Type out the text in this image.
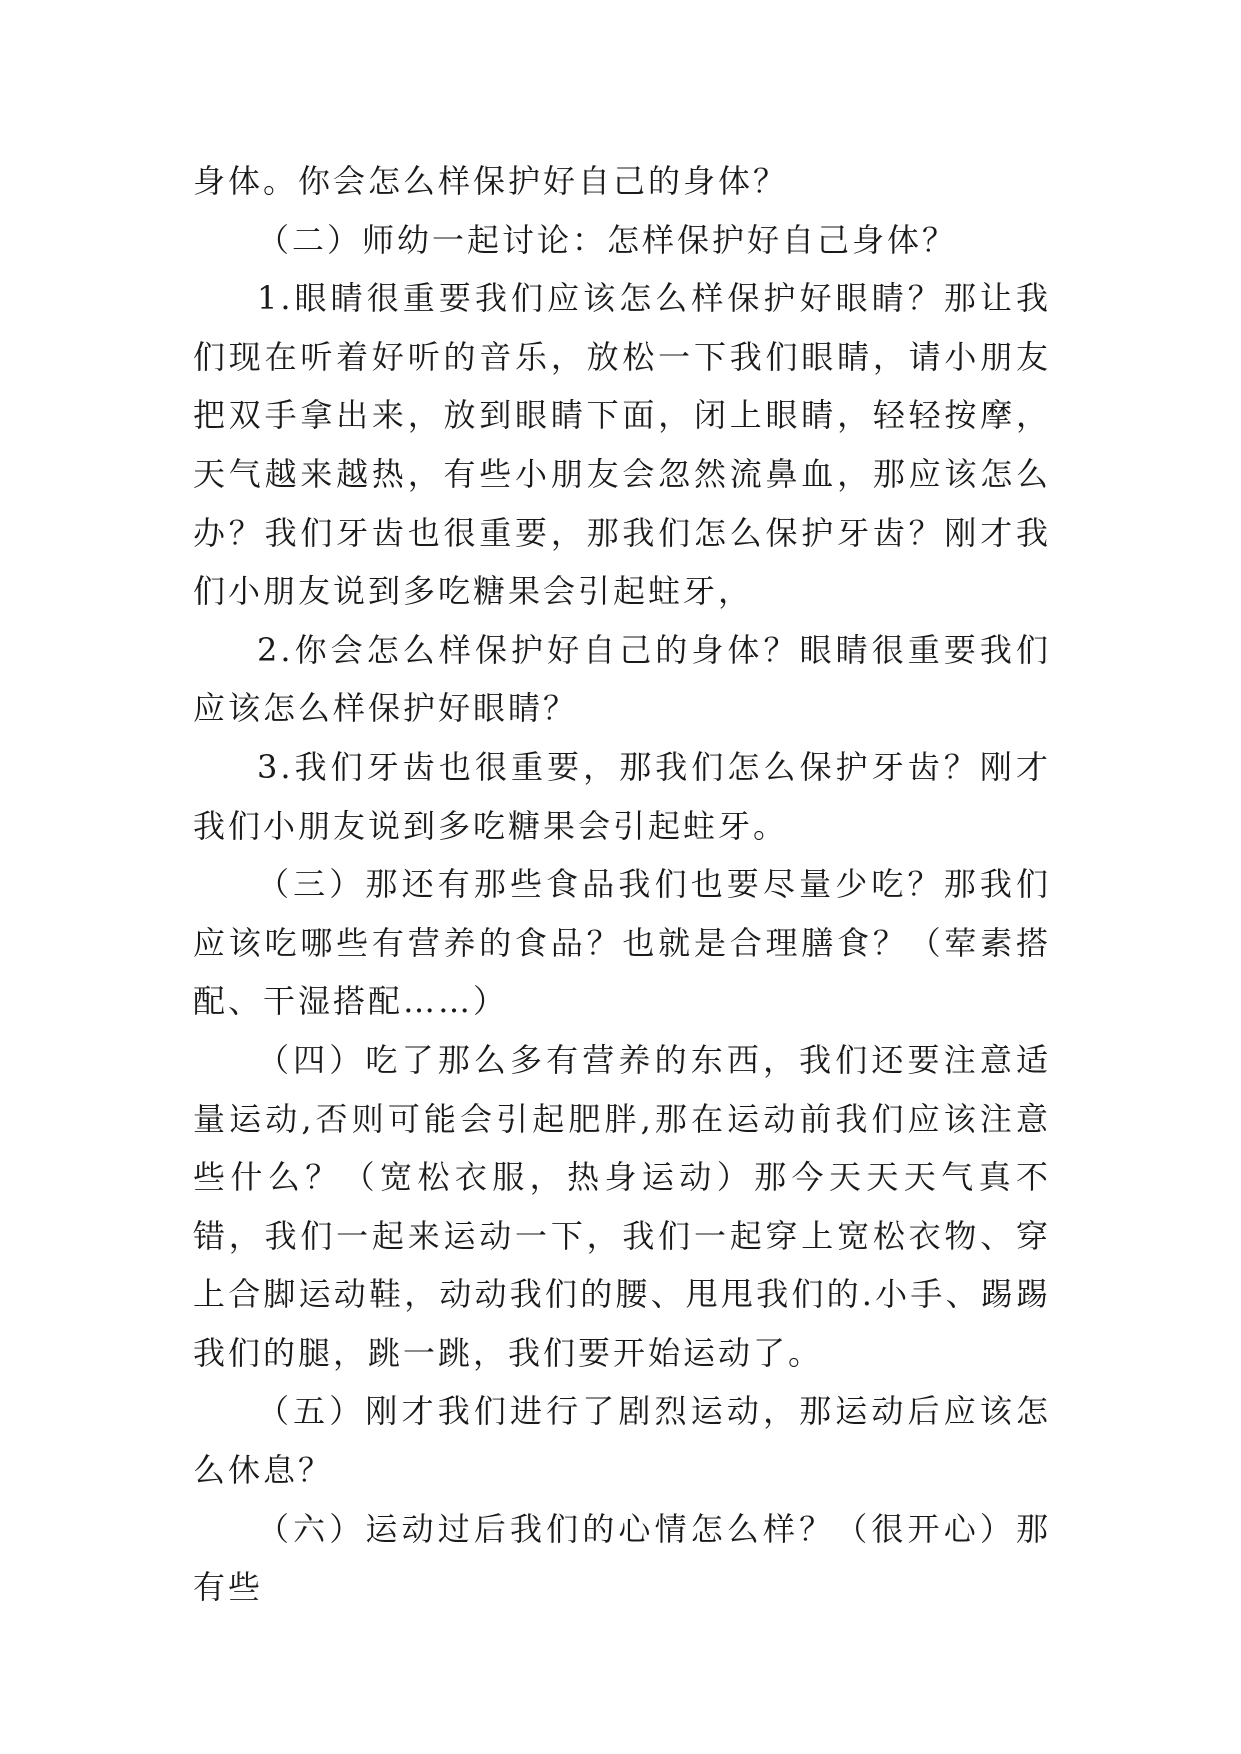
身体。你会怎么样保护好自己的身体？

（二）师幼一起讨论：怎样保护好自己身体？

1.眼睛很重要我们应该怎么样保护好眼睛？那让我们现在听着好听的音乐，放松一下我们眼睛，请小朋友把双手拿出来，放到眼睛下面，闭上眼睛，轻轻按摩，天气越来越热，有些小朋友会忽然流鼻血，那应该怎么办？我们牙齿也很重要，那我们怎么保护牙齿？刚才我们小朋友说到多吃糖果会引起蛀牙，

2.你会怎么样保护好自己的身体？眼睛很重要我们应该怎么样保护好眼睛？

3.我们牙齿也很重要，那我们怎么保护牙齿？刚才我们小朋友说到多吃糖果会引起蛀牙。

（三）那还有那些食品我们也要尽量少吃？那我们应该吃哪些有营养的食品？也就是合理膳食？（荤素搭配、干湿搭配……）

（四）吃了那么多有营养的东西，我们还要注意适量运动,否则可能会引起肥胖,那在运动前我们应该注意些什么？（宽松衣服，热身运动）那今天天天气真不错，我们一起来运动一下，我们一起穿上宽松衣物、穿上合脚运动鞋，动动我们的腰、甩甩我们的.小手、踢踢我们的腿，跳一跳，我们要开始运动了。

（五）刚才我们进行了剧烈运动，那运动后应该怎么休息？

（六）运动过后我们的心情怎么样？（很开心）那有些
